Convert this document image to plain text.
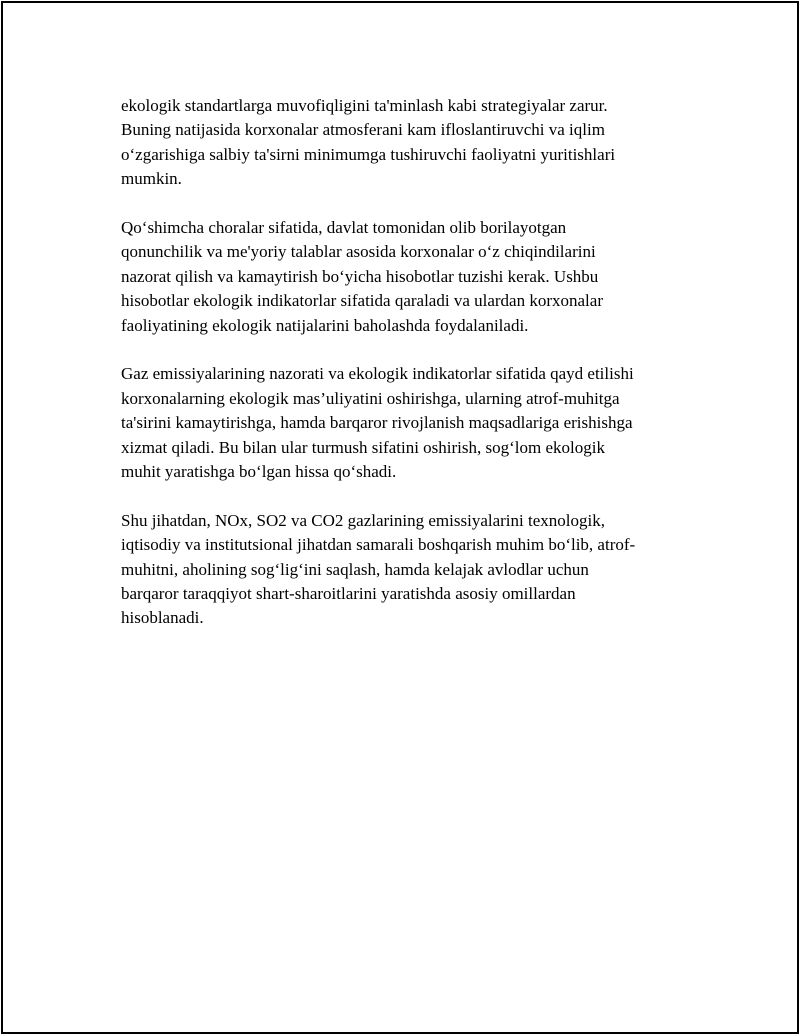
ekologik standartlarga muvofiqligini ta'minlash kabi strategiyalar zarur.
Buning natijasida korxonalar atmosferani kam ifloslantiruvchi va iqlim
o‘zgarishiga salbiy ta'sirni minimumga tushiruvchi faoliyatni yuritishlari
mumkin.

Qo‘shimcha choralar sifatida, davlat tomonidan olib borilayotgan
qonunchilik va me'yoriy talablar asosida korxonalar o‘z chiqindilarini
nazorat qilish va kamaytirish bo‘yicha hisobotlar tuzishi kerak. Ushbu
hisobotlar ekologik indikatorlar sifatida qaraladi va ulardan korxonalar
faoliyatining ekologik natijalarini baholashda foydalaniladi.

Gaz emissiyalarining nazorati va ekologik indikatorlar sifatida qayd etilishi
korxonalarning ekologik mas’uliyatini oshirishga, ularning atrof-muhitga
ta'sirini kamaytirishga, hamda barqaror rivojlanish maqsadlariga erishishga
xizmat qiladi. Bu bilan ular turmush sifatini oshirish, sog‘lom ekologik
muhit yaratishga bo‘lgan hissa qo‘shadi.

Shu jihatdan, NOx, SO2 va CO2 gazlarining emissiyalarini texnologik,
iqtisodiy va institutsional jihatdan samarali boshqarish muhim bo‘lib, atrof-
muhitni, aholining sog‘lig‘ini saqlash, hamda kelajak avlodlar uchun
barqaror taraqqiyot shart-sharoitlarini yaratishda asosiy omillardan
hisoblanadi.
